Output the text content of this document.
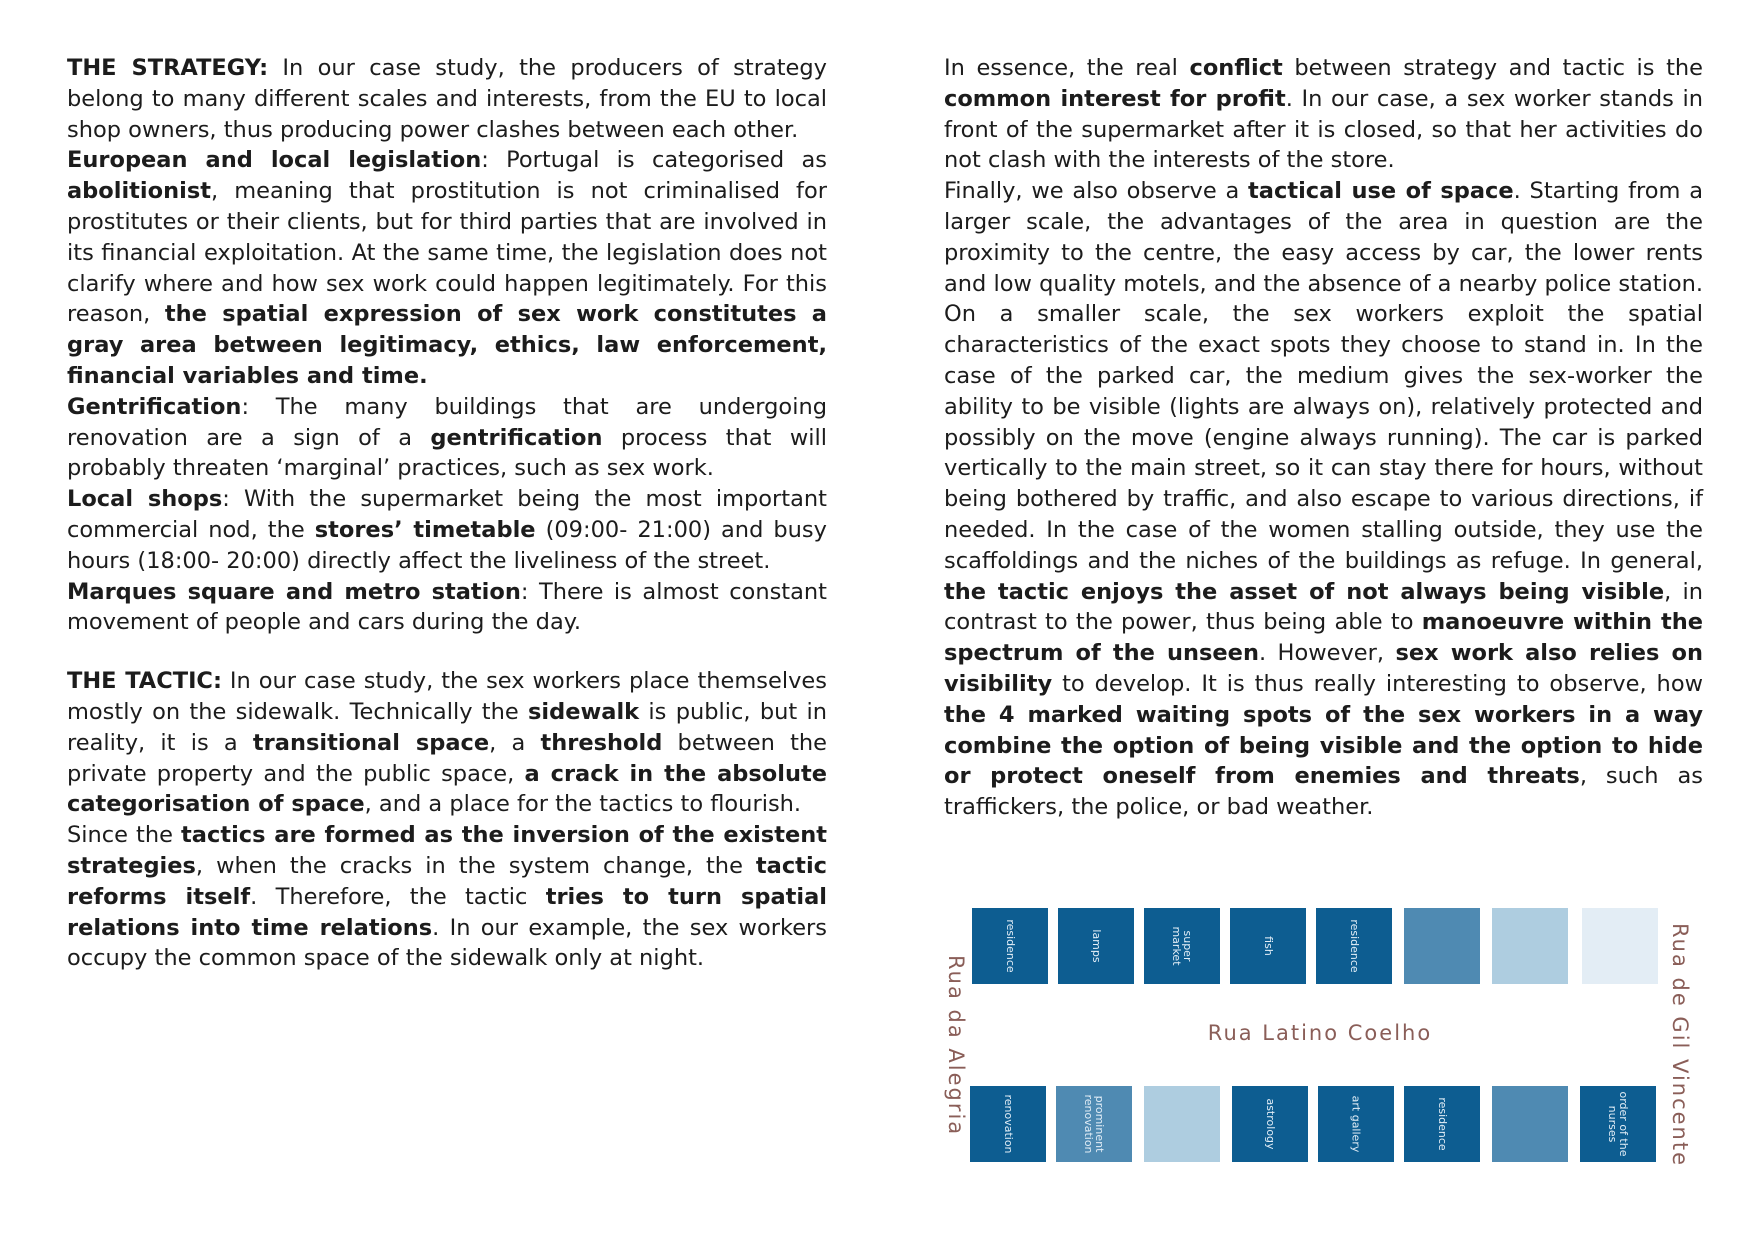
THE STRATEGY: In our case study, the producers of strategy belong to many different scales and interests, from the EU to local shop owners, thus producing power clashes between each other.

European and local legislation: Portugal is categorised as abolitionist, meaning that prostitution is not criminalised for prostitutes or their clients, but for third parties that are involved in its financial exploitation. At the same time, the legislation does not clarify where and how sex work could happen legitimately. For this reason, the spatial expression of sex work constitutes a gray area between legitimacy, ethics, law enforcement, financial variables and time.

Gentrification: The many buildings that are undergoing renovation are a sign of a gentrification process that will probably threaten ‘marginal’ practices, such as sex work.

Local shops: With the supermarket being the most important commercial nod, the stores’ timetable (09:00- 21:00) and busy hours (18:00- 20:00) directly affect the liveliness of the street.

Marques square and metro station: There is almost constant movement of people and cars during the day.

THE TACTIC: In our case study, the sex workers place themselves mostly on the sidewalk. Technically the sidewalk is public, but in reality, it is a transitional space, a threshold between the private property and the public space, a crack in the absolute categorisation of space, and a place for the tactics to flourish.

Since the tactics are formed as the inversion of the existent strategies, when the cracks in the system change, the tactic reforms itself. Therefore, the tactic tries to turn spatial relations into time relations. In our example, the sex workers occupy the common space of the sidewalk only at night.

In essence, the real conflict between strategy and tactic is the common interest for profit. In our case, a sex worker stands in front of the supermarket after it is closed, so that her activities do not clash with the interests of the store.

Finally, we also observe a tactical use of space. Starting from a larger scale, the advantages of the area in question are the proximity to the centre, the easy access by car, the lower rents and low quality motels, and the absence of a nearby police station. On a smaller scale, the sex workers exploit the spatial characteristics of the exact spots they choose to stand in. In the case of the parked car, the medium gives the sex-worker the ability to be visible (lights are always on), relatively protected and possibly on the move (engine always running). The car is parked vertically to the main street, so it can stay there for hours, without being bothered by traffic, and also escape to various directions, if needed. In the case of the women stalling outside, they use the scaffoldings and the niches of the buildings as refuge. In general, the tactic enjoys the asset of not always being visible, in contrast to the power, thus being able to manoeuvre within the spectrum of the unseen. However, sex work also relies on visibility to develop. It is thus really interesting to observe, how the 4 marked waiting spots of the sex workers in a way combine the option of being visible and the option to hide or protect oneself from enemies and threats, such as traffickers, the police, or bad weather.

residence	lamps	super market	fish	residence
Rua Latino Coelho
renovation	prominent renovation	astrology	art gallery	residence	order of the nurses
Rua da Alegria	Rua de Gil Vincente
